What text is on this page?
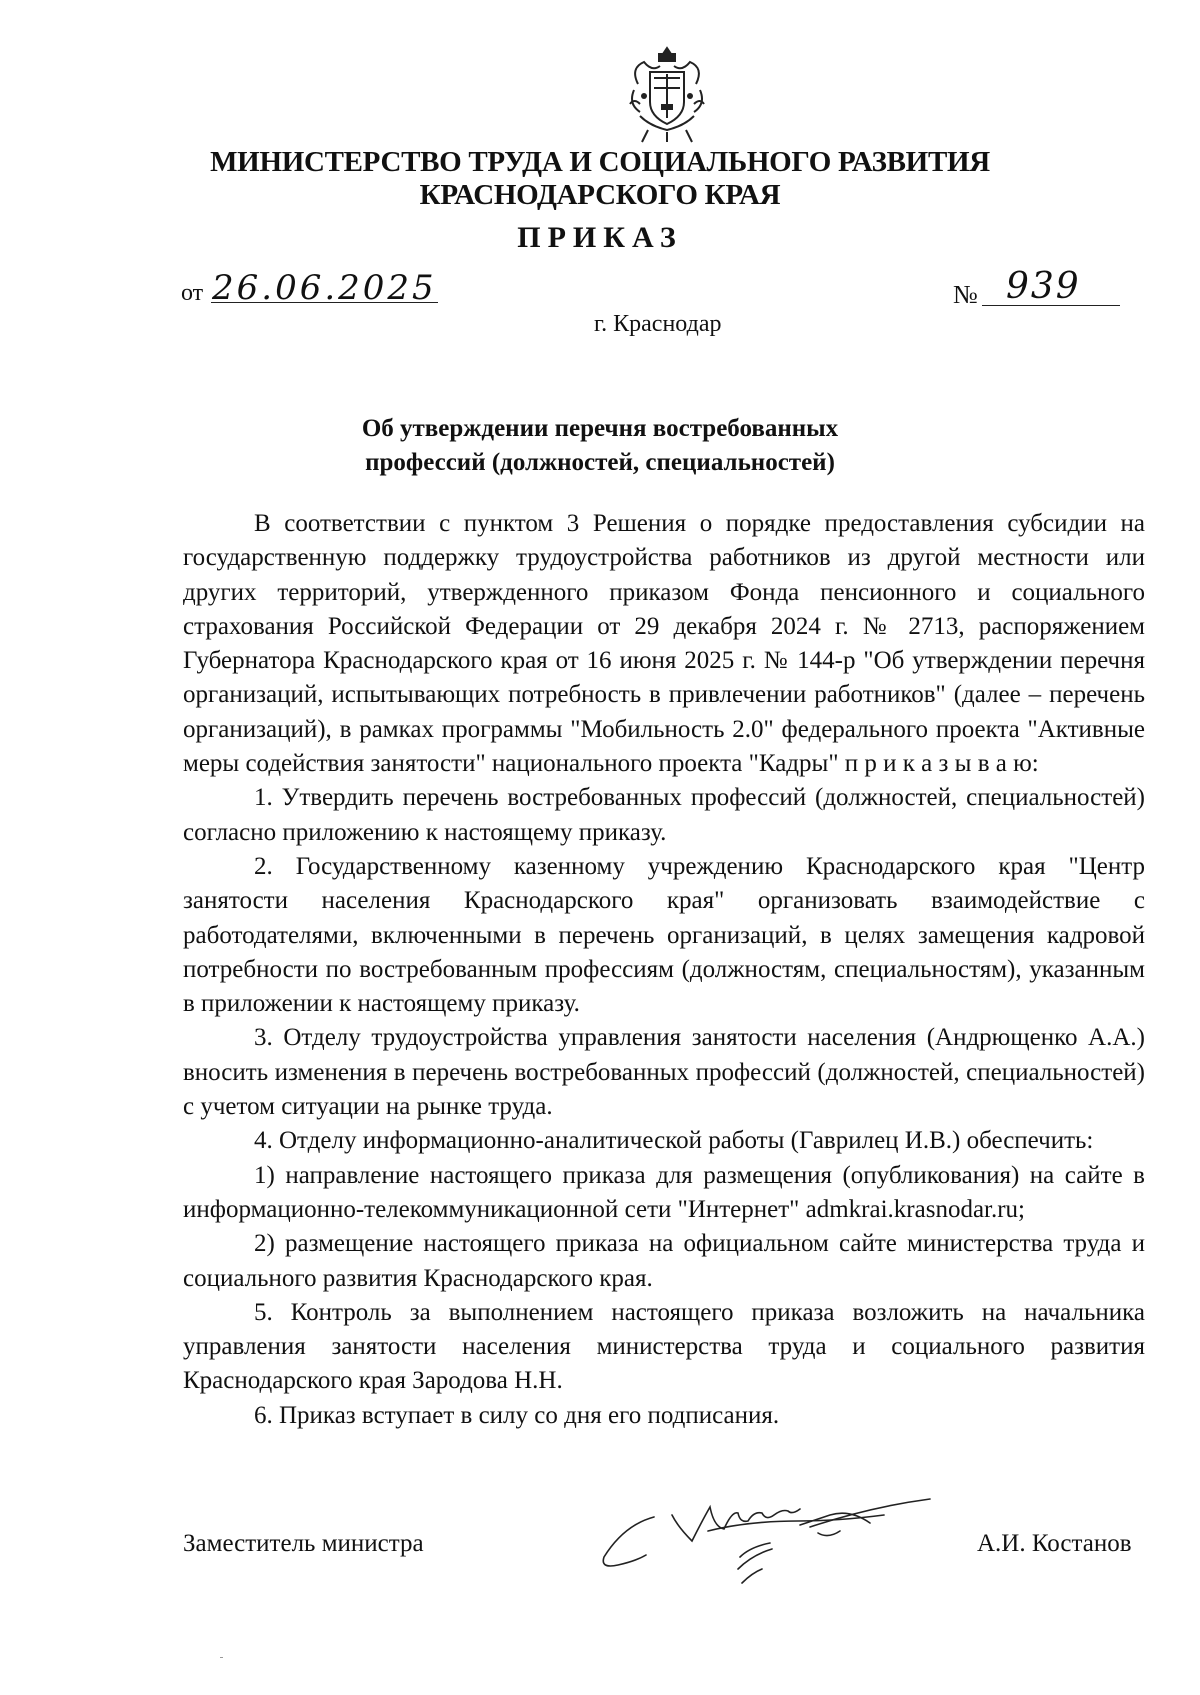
МИНИСТЕРСТВО ТРУДА И СОЦИАЛЬНОГО РАЗВИТИЯ
КРАСНОДАРСКОГО КРАЯ
ПРИКАЗ
от 26.06.2025	№ 939
г. Краснодар
Об утверждении перечня востребованных
профессий (должностей, специальностей)

В соответствии с пунктом 3 Решения о порядке предоставления субсидии на государственную поддержку трудоустройства работников из другой местности или других территорий, утвержденного приказом Фонда пенсионного и социального страхования Российской Федерации от 29 декабря 2024 г. № 2713, распоряжением Губернатора Краснодарского края от 16 июня 2025 г. № 144-р "Об утверждении перечня организаций, испытывающих потребность в привлечении работников" (далее – перечень организаций), в рамках программы "Мобильность 2.0" федерального проекта "Активные меры содействия занятости" национального проекта "Кадры" п р и к а з ы в а ю:

1. Утвердить перечень востребованных профессий (должностей, специальностей) согласно приложению к настоящему приказу.

2. Государственному казенному учреждению Краснодарского края "Центр занятости населения Краснодарского края" организовать взаимодействие с работодателями, включенными в перечень организаций, в целях замещения кадровой потребности по востребованным профессиям (должностям, специальностям), указанным в приложении к настоящему приказу.

3. Отделу трудоустройства управления занятости населения (Андрющенко А.А.) вносить изменения в перечень востребованных профессий (должностей, специальностей) с учетом ситуации на рынке труда.

4. Отделу информационно-аналитической работы (Гаврилец И.В.) обеспечить:

1) направление настоящего приказа для размещения (опубликования) на сайте в информационно-телекоммуникационной сети "Интернет" admkrai.krasnodar.ru;

2) размещение настоящего приказа на официальном сайте министерства труда и социального развития Краснодарского края.

5. Контроль за выполнением настоящего приказа возложить на начальника управления занятости населения министерства труда и социального развития Краснодарского края Зародова Н.Н.

6. Приказ вступает в силу со дня его подписания.

Заместитель министра	А.И. Костанов
